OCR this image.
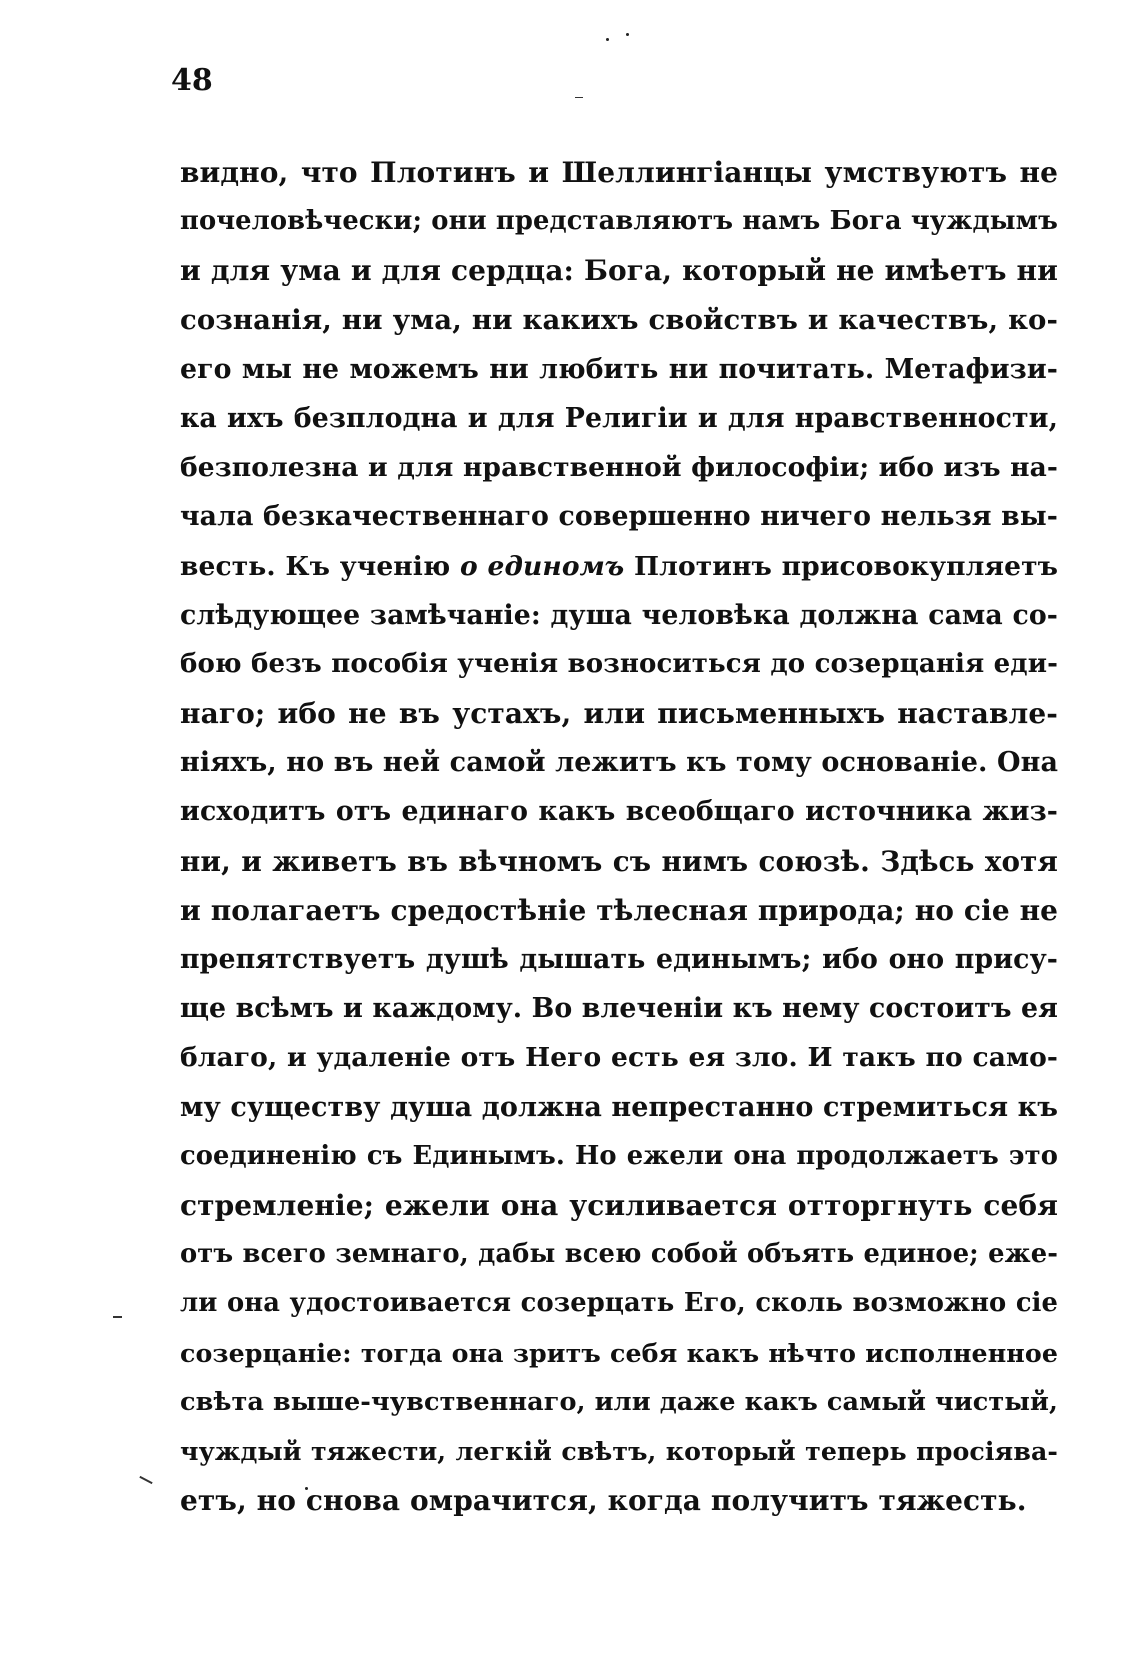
48
видно, что Плотинъ и Шеллингіанцы умствуютъ не
почеловѣчески; они представляютъ намъ Бога чуждымъ
и для ума и для сердца: Бога, который не имѣетъ ни
сознанія, ни ума, ни какихъ свойствъ и качествъ, ко-
его мы не можемъ ни любить ни почитать. Метафизи-
ка ихъ безплодна и для Религіи и для нравственности,
безполезна и для нравственной философіи; ибо изъ на-
чала безкачественнаго совершенно ничего нельзя вы-
весть. Къ ученію о единомъ Плотинъ присовокупляетъ
слѣдующее замѣчаніе: душа человѣка должна сама со-
бою безъ пособія ученія возноситься до созерцанія еди-
наго; ибо не въ устахъ, или письменныхъ наставле-
ніяхъ, но въ ней самой лежитъ къ тому основаніе. Она
исходитъ отъ единаго какъ всеобщаго источника жиз-
ни, и живетъ въ вѣчномъ съ нимъ союзѣ. Здѣсь хотя
и полагаетъ средостѣніе тѣлесная природа; но сіе не
препятствуетъ душѣ дышать единымъ; ибо оно прису-
ще всѣмъ и каждому. Во влеченіи къ нему состоитъ ея
благо, и удаленіе отъ Него есть ея зло. И такъ по само-
му существу душа должна непрестанно стремиться къ
соединенію съ Единымъ. Но ежели она продолжаетъ это
стремленіе; ежели она усиливается отторгнуть себя
отъ всего земнаго, дабы всею собой объять единое; еже-
ли она удостоивается созерцать Его, сколь возможно сіе
созерцаніе: тогда она зритъ себя какъ нѣчто исполненное
свѣта выше-чувственнаго, или даже какъ самый чистый,
чуждый тяжести, легкій свѣтъ, который теперь просіява-
етъ, но снова омрачится, когда получитъ тяжесть.
